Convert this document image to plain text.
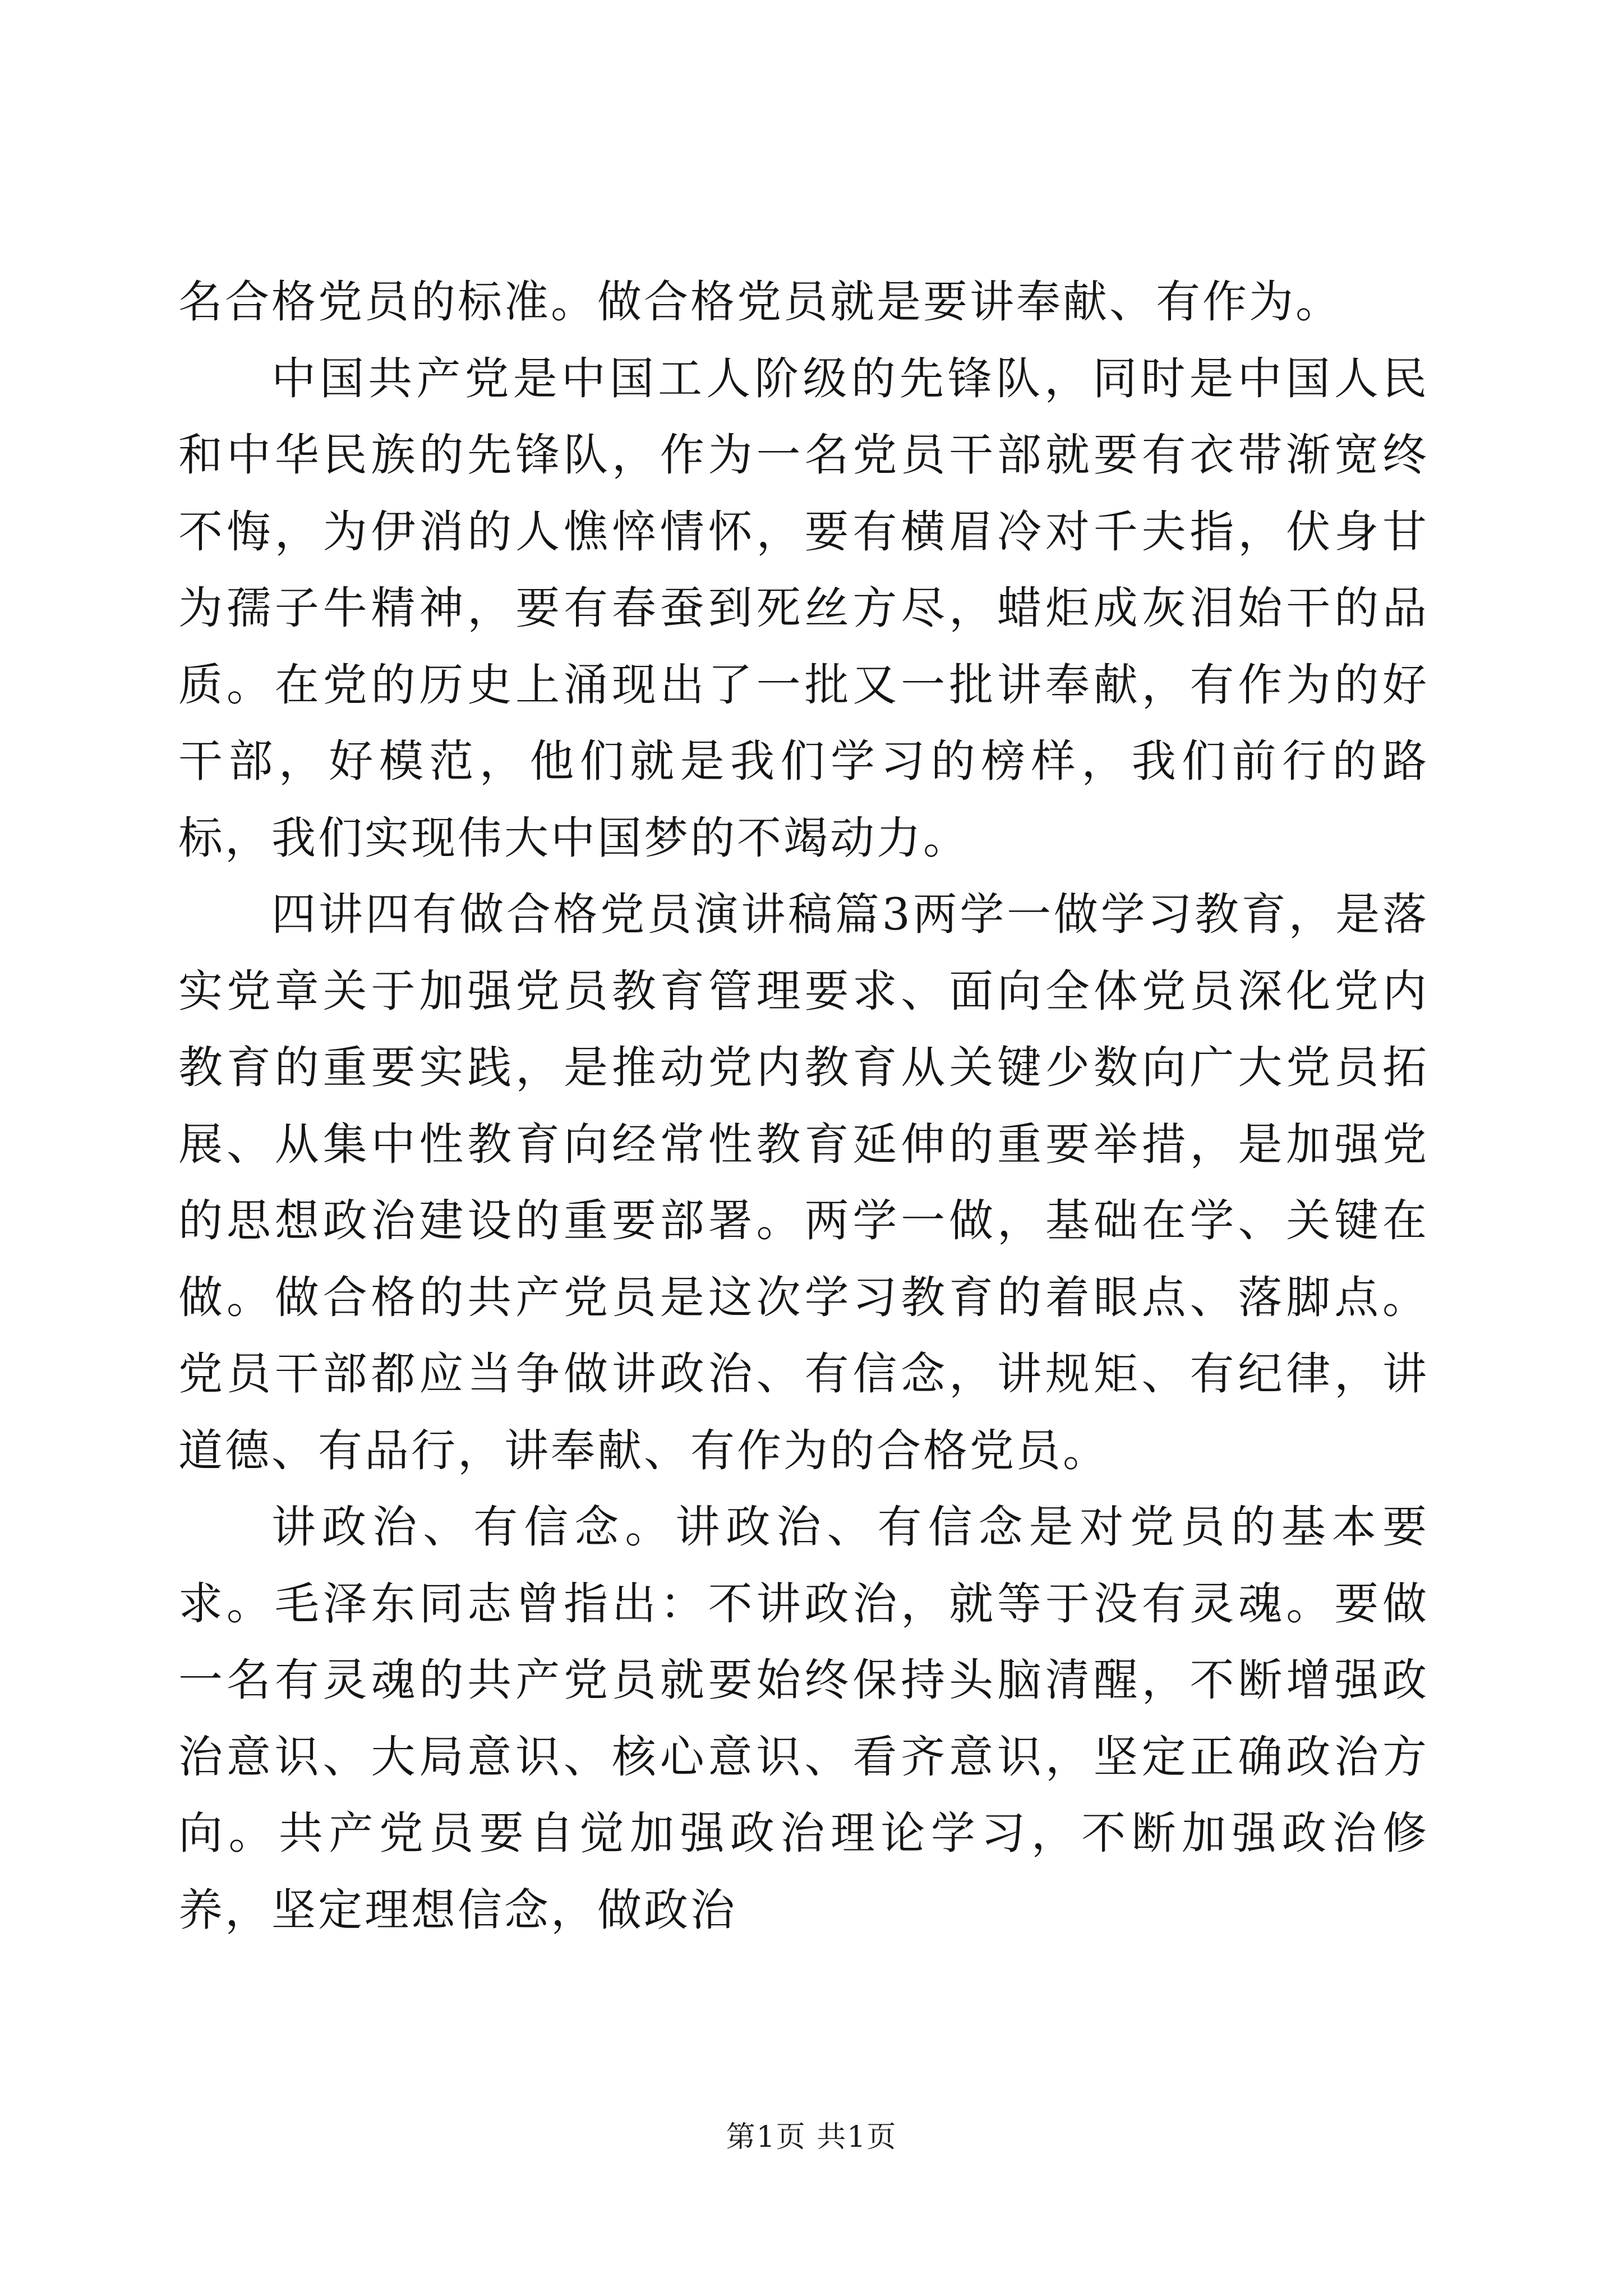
名合格党员的标准。做合格党员就是要讲奉献、有作为。

中国共产党是中国工人阶级的先锋队，同时是中国人民和中华民族的先锋队，作为一名党员干部就要有衣带渐宽终不悔，为伊消的人憔悴情怀，要有横眉冷对千夫指，伏身甘为孺子牛精神，要有春蚕到死丝方尽，蜡炬成灰泪始干的品质。在党的历史上涌现出了一批又一批讲奉献，有作为的好干部，好模范，他们就是我们学习的榜样，我们前行的路标，我们实现伟大中国梦的不竭动力。

四讲四有做合格党员演讲稿篇3两学一做学习教育，是落实党章关于加强党员教育管理要求、面向全体党员深化党内教育的重要实践，是推动党内教育从关键少数向广大党员拓展、从集中性教育向经常性教育延伸的重要举措，是加强党的思想政治建设的重要部署。两学一做，基础在学、关键在做。做合格的共产党员是这次学习教育的着眼点、落脚点。党员干部都应当争做讲政治、有信念，讲规矩、有纪律，讲道德、有品行，讲奉献、有作为的合格党员。

讲政治、有信念。讲政治、有信念是对党员的基本要求。毛泽东同志曾指出：不讲政治，就等于没有灵魂。要做一名有灵魂的共产党员就要始终保持头脑清醒，不断增强政治意识、大局意识、核心意识、看齐意识，坚定正确政治方向。共产党员要自觉加强政治理论学习，不断加强政治修养，坚定理想信念，做政治

第1页 共1页
